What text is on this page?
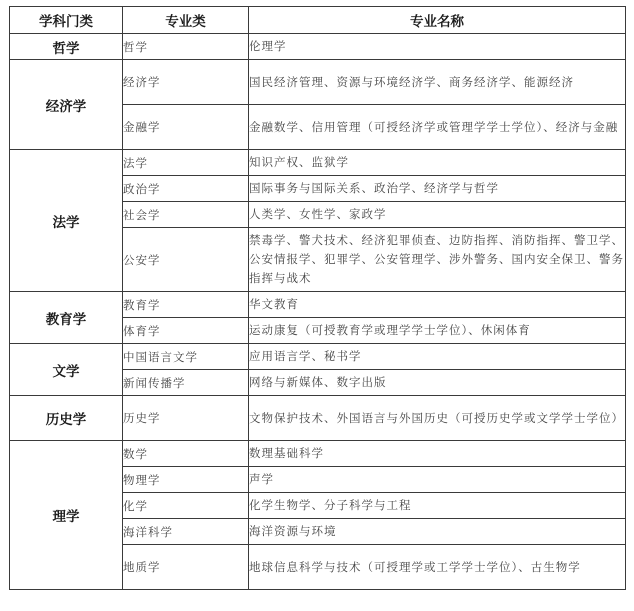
学科门类	专业类	专业名称
哲学	哲学	伦理学
经济学	经济学	国民经济管理、资源与环境经济学、商务经济学、能源经济
	金融学	金融数学、信用管理（可授经济学或管理学学士学位）、经济与金融
法学	法学	知识产权、监狱学
	政治学	国际事务与国际关系、政治学、经济学与哲学
	社会学	人类学、女性学、家政学
	公安学	禁毒学、警犬技术、经济犯罪侦查、边防指挥、消防指挥、警卫学、公安情报学、犯罪学、公安管理学、涉外警务、国内安全保卫、警务指挥与战术
教育学	教育学	华文教育
	体育学	运动康复（可授教育学或理学学士学位）、休闲体育
文学	中国语言文学	应用语言学、秘书学
	新闻传播学	网络与新媒体、数字出版
历史学	历史学	文物保护技术、外国语言与外国历史（可授历史学或文学学士学位）
理学	数学	数理基础科学
	物理学	声学
	化学	化学生物学、分子科学与工程
	海洋科学	海洋资源与环境
	地质学	地球信息科学与技术（可授理学或工学学士学位）、古生物学
